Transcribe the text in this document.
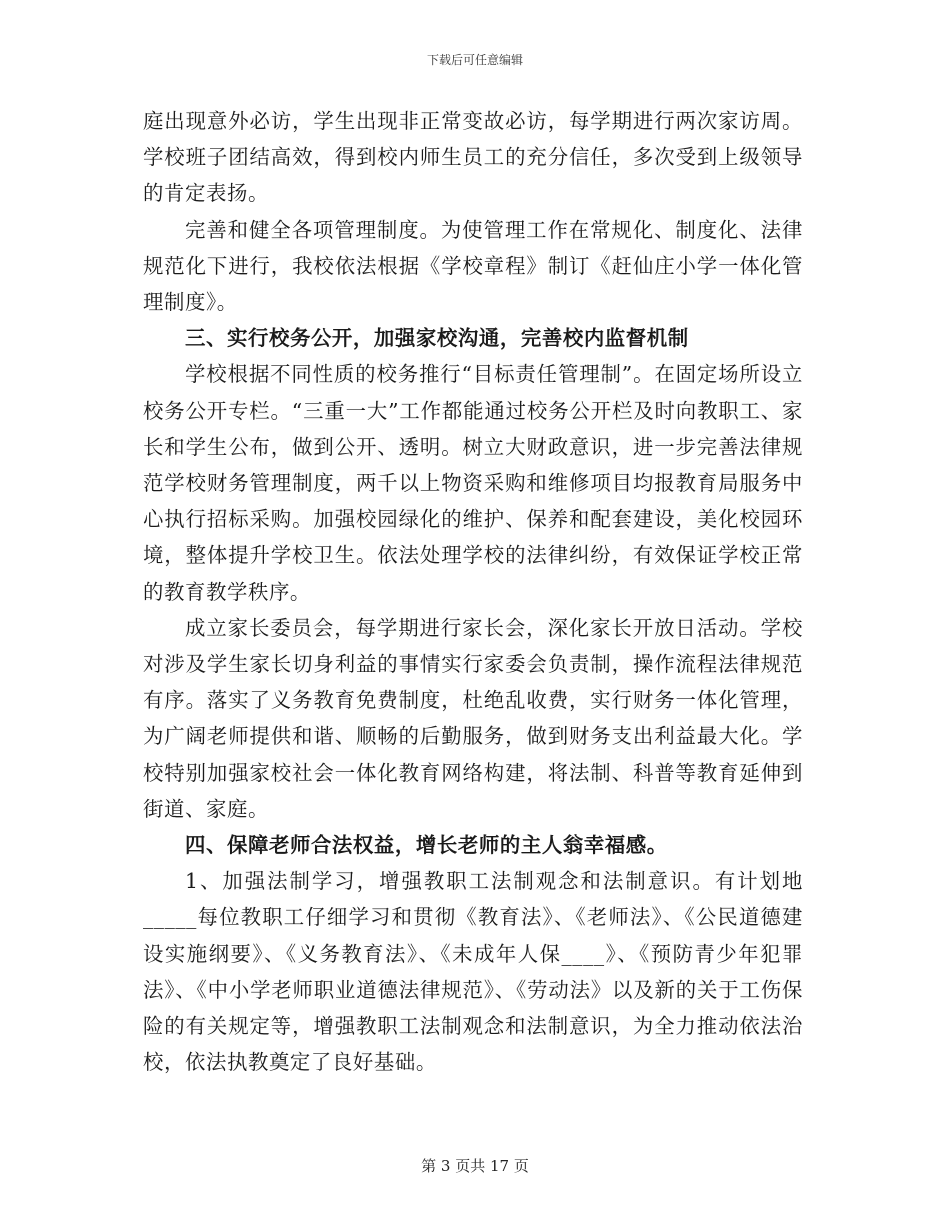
下载后可任意编辑

庭出现意外必访，学生出现非正常变故必访，每学期进行两次家访周。学校班子团结高效，得到校内师生员工的充分信任，多次受到上级领导的肯定表扬。

完善和健全各项管理制度。为使管理工作在常规化、制度化、法律规范化下进行，我校依法根据《学校章程》制订《赶仙庄小学一体化管理制度》。

三、实行校务公开，加强家校沟通，完善校内监督机制

学校根据不同性质的校务推行“目标责任管理制”。在固定场所设立校务公开专栏。“三重一大”工作都能通过校务公开栏及时向教职工、家长和学生公布，做到公开、透明。树立大财政意识，进一步完善法律规范学校财务管理制度，两千以上物资采购和维修项目均报教育局服务中心执行招标采购。加强校园绿化的维护、保养和配套建设，美化校园环境，整体提升学校卫生。依法处理学校的法律纠纷，有效保证学校正常的教育教学秩序。

成立家长委员会，每学期进行家长会，深化家长开放日活动。学校对涉及学生家长切身利益的事情实行家委会负责制，操作流程法律规范有序。落实了义务教育免费制度，杜绝乱收费，实行财务一体化管理，为广阔老师提供和谐、顺畅的后勤服务，做到财务支出利益最大化。学校特别加强家校社会一体化教育网络构建，将法制、科普等教育延伸到街道、家庭。

四、保障老师合法权益，增长老师的主人翁幸福感。

1、加强法制学习，增强教职工法制观念和法制意识。有计划地_____每位教职工仔细学习和贯彻《教育法》、《老师法》、《公民道德建设实施纲要》、《义务教育法》、《未成年人保____》、《预防青少年犯罪法》、《中小学老师职业道德法律规范》、《劳动法》以及新的关于工伤保险的有关规定等，增强教职工法制观念和法制意识，为全力推动依法治校，依法执教奠定了良好基础。

第 3 页共 17 页
